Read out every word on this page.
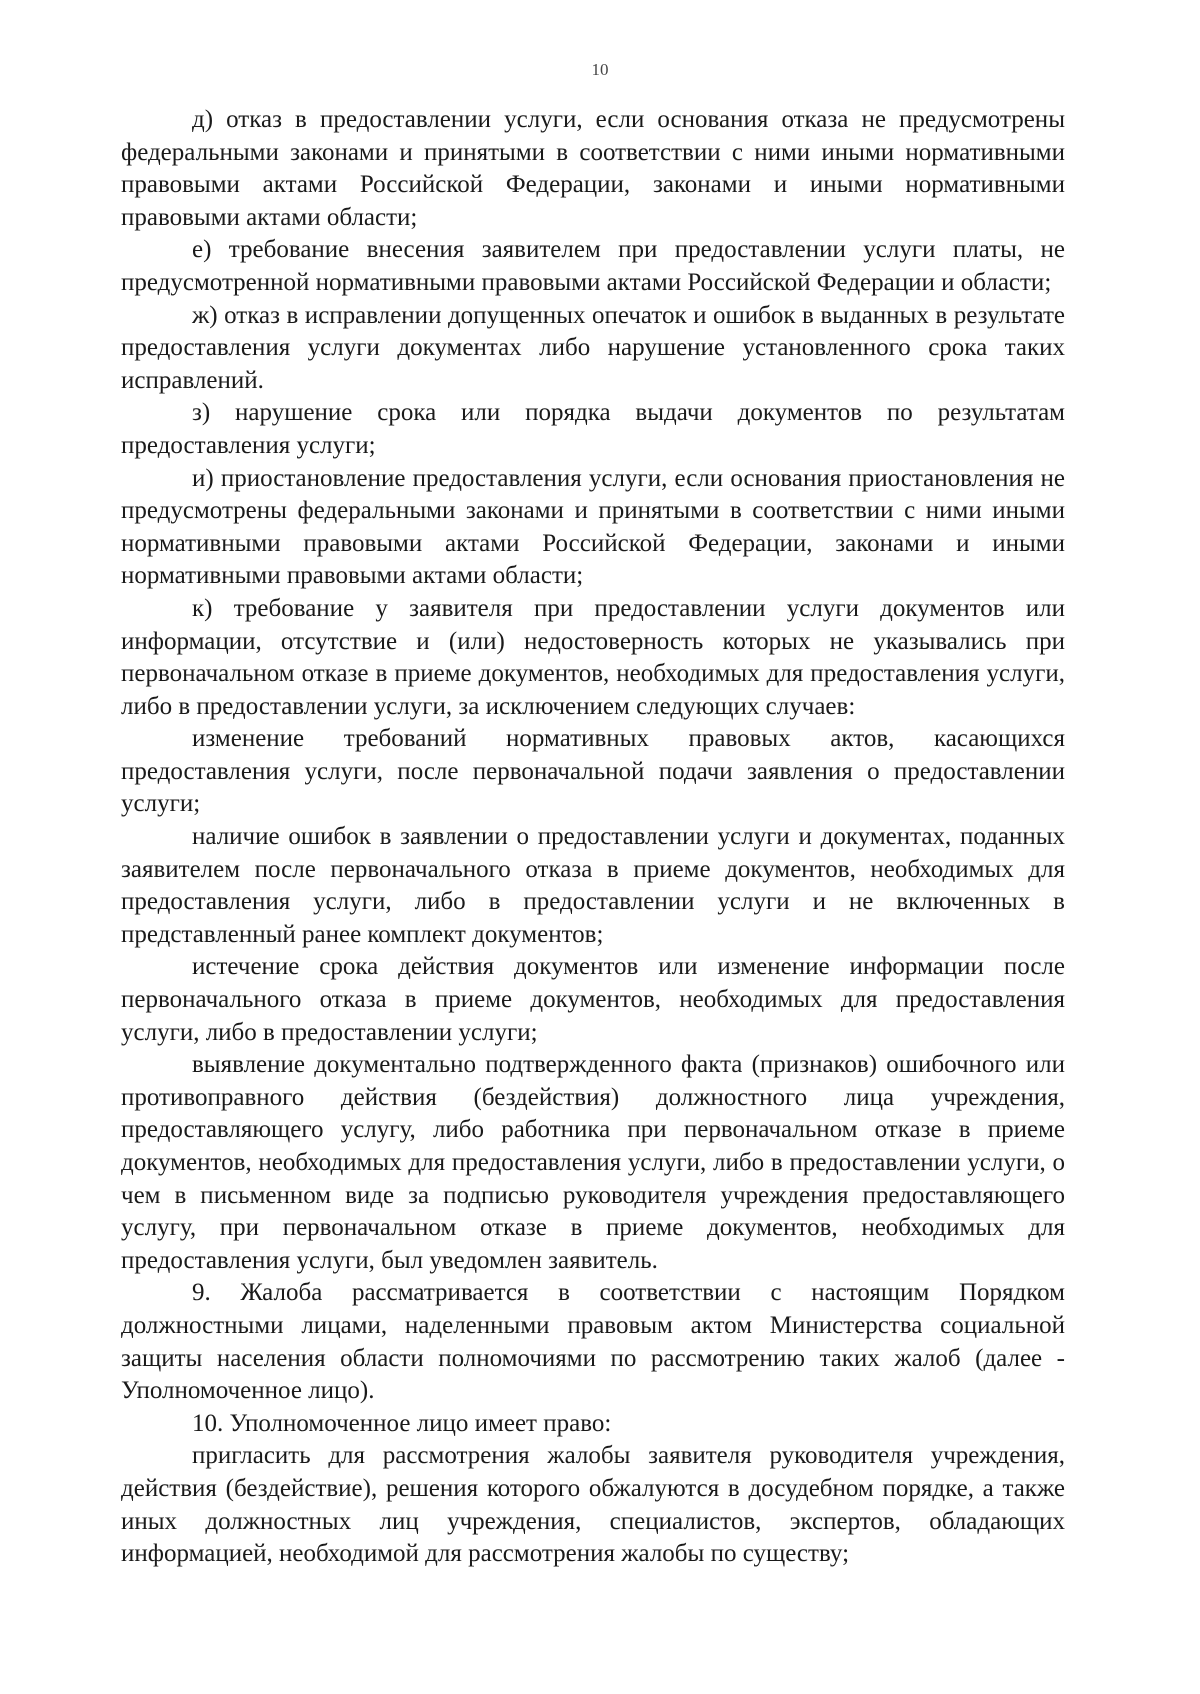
10

д) отказ в предоставлении услуги, если основания отказа не предусмотрены федеральными законами и принятыми в соответствии с ними иными нормативными правовыми актами Российской Федерации, законами и иными нормативными правовыми актами области;

е) требование внесения заявителем при предоставлении услуги платы, не предусмотренной нормативными правовыми актами Российской Федерации и области;

ж) отказ в исправлении допущенных опечаток и ошибок в выданных в результате предоставления услуги документах либо нарушение установленного срока таких исправлений.

з) нарушение срока или порядка выдачи документов по результатам предоставления услуги;

и) приостановление предоставления услуги, если основания приостановления не предусмотрены федеральными законами и принятыми в соответствии с ними иными нормативными правовыми актами Российской Федерации, законами и иными нормативными правовыми актами области;

к) требование у заявителя при предоставлении услуги документов или информации, отсутствие и (или) недостоверность которых не указывались при первоначальном отказе в приеме документов, необходимых для предоставления услуги, либо в предоставлении услуги, за исключением следующих случаев:

изменение требований нормативных правовых актов, касающихся предоставления услуги, после первоначальной подачи заявления о предоставлении услуги;

наличие ошибок в заявлении о предоставлении услуги и документах, поданных заявителем после первоначального отказа в приеме документов, необходимых для предоставления услуги, либо в предоставлении услуги и не включенных в представленный ранее комплект документов;

истечение срока действия документов или изменение информации после первоначального отказа в приеме документов, необходимых для предоставления услуги, либо в предоставлении услуги;

выявление документально подтвержденного факта (признаков) ошибочного или противоправного действия (бездействия) должностного лица учреждения, предоставляющего услугу, либо работника при первоначальном отказе в приеме документов, необходимых для предоставления услуги, либо в предоставлении услуги, о чем в письменном виде за подписью руководителя учреждения предоставляющего услугу, при первоначальном отказе в приеме документов, необходимых для предоставления услуги, был уведомлен заявитель.

9. Жалоба рассматривается в соответствии с настоящим Порядком должностными лицами, наделенными правовым актом Министерства социальной защиты населения области полномочиями по рассмотрению таких жалоб (далее - Уполномоченное лицо).

10. Уполномоченное лицо имеет право:

пригласить для рассмотрения жалобы заявителя руководителя учреждения, действия (бездействие), решения которого обжалуются в досудебном порядке, а также иных должностных лиц учреждения, специалистов, экспертов, обладающих информацией, необходимой для рассмотрения жалобы по существу;
